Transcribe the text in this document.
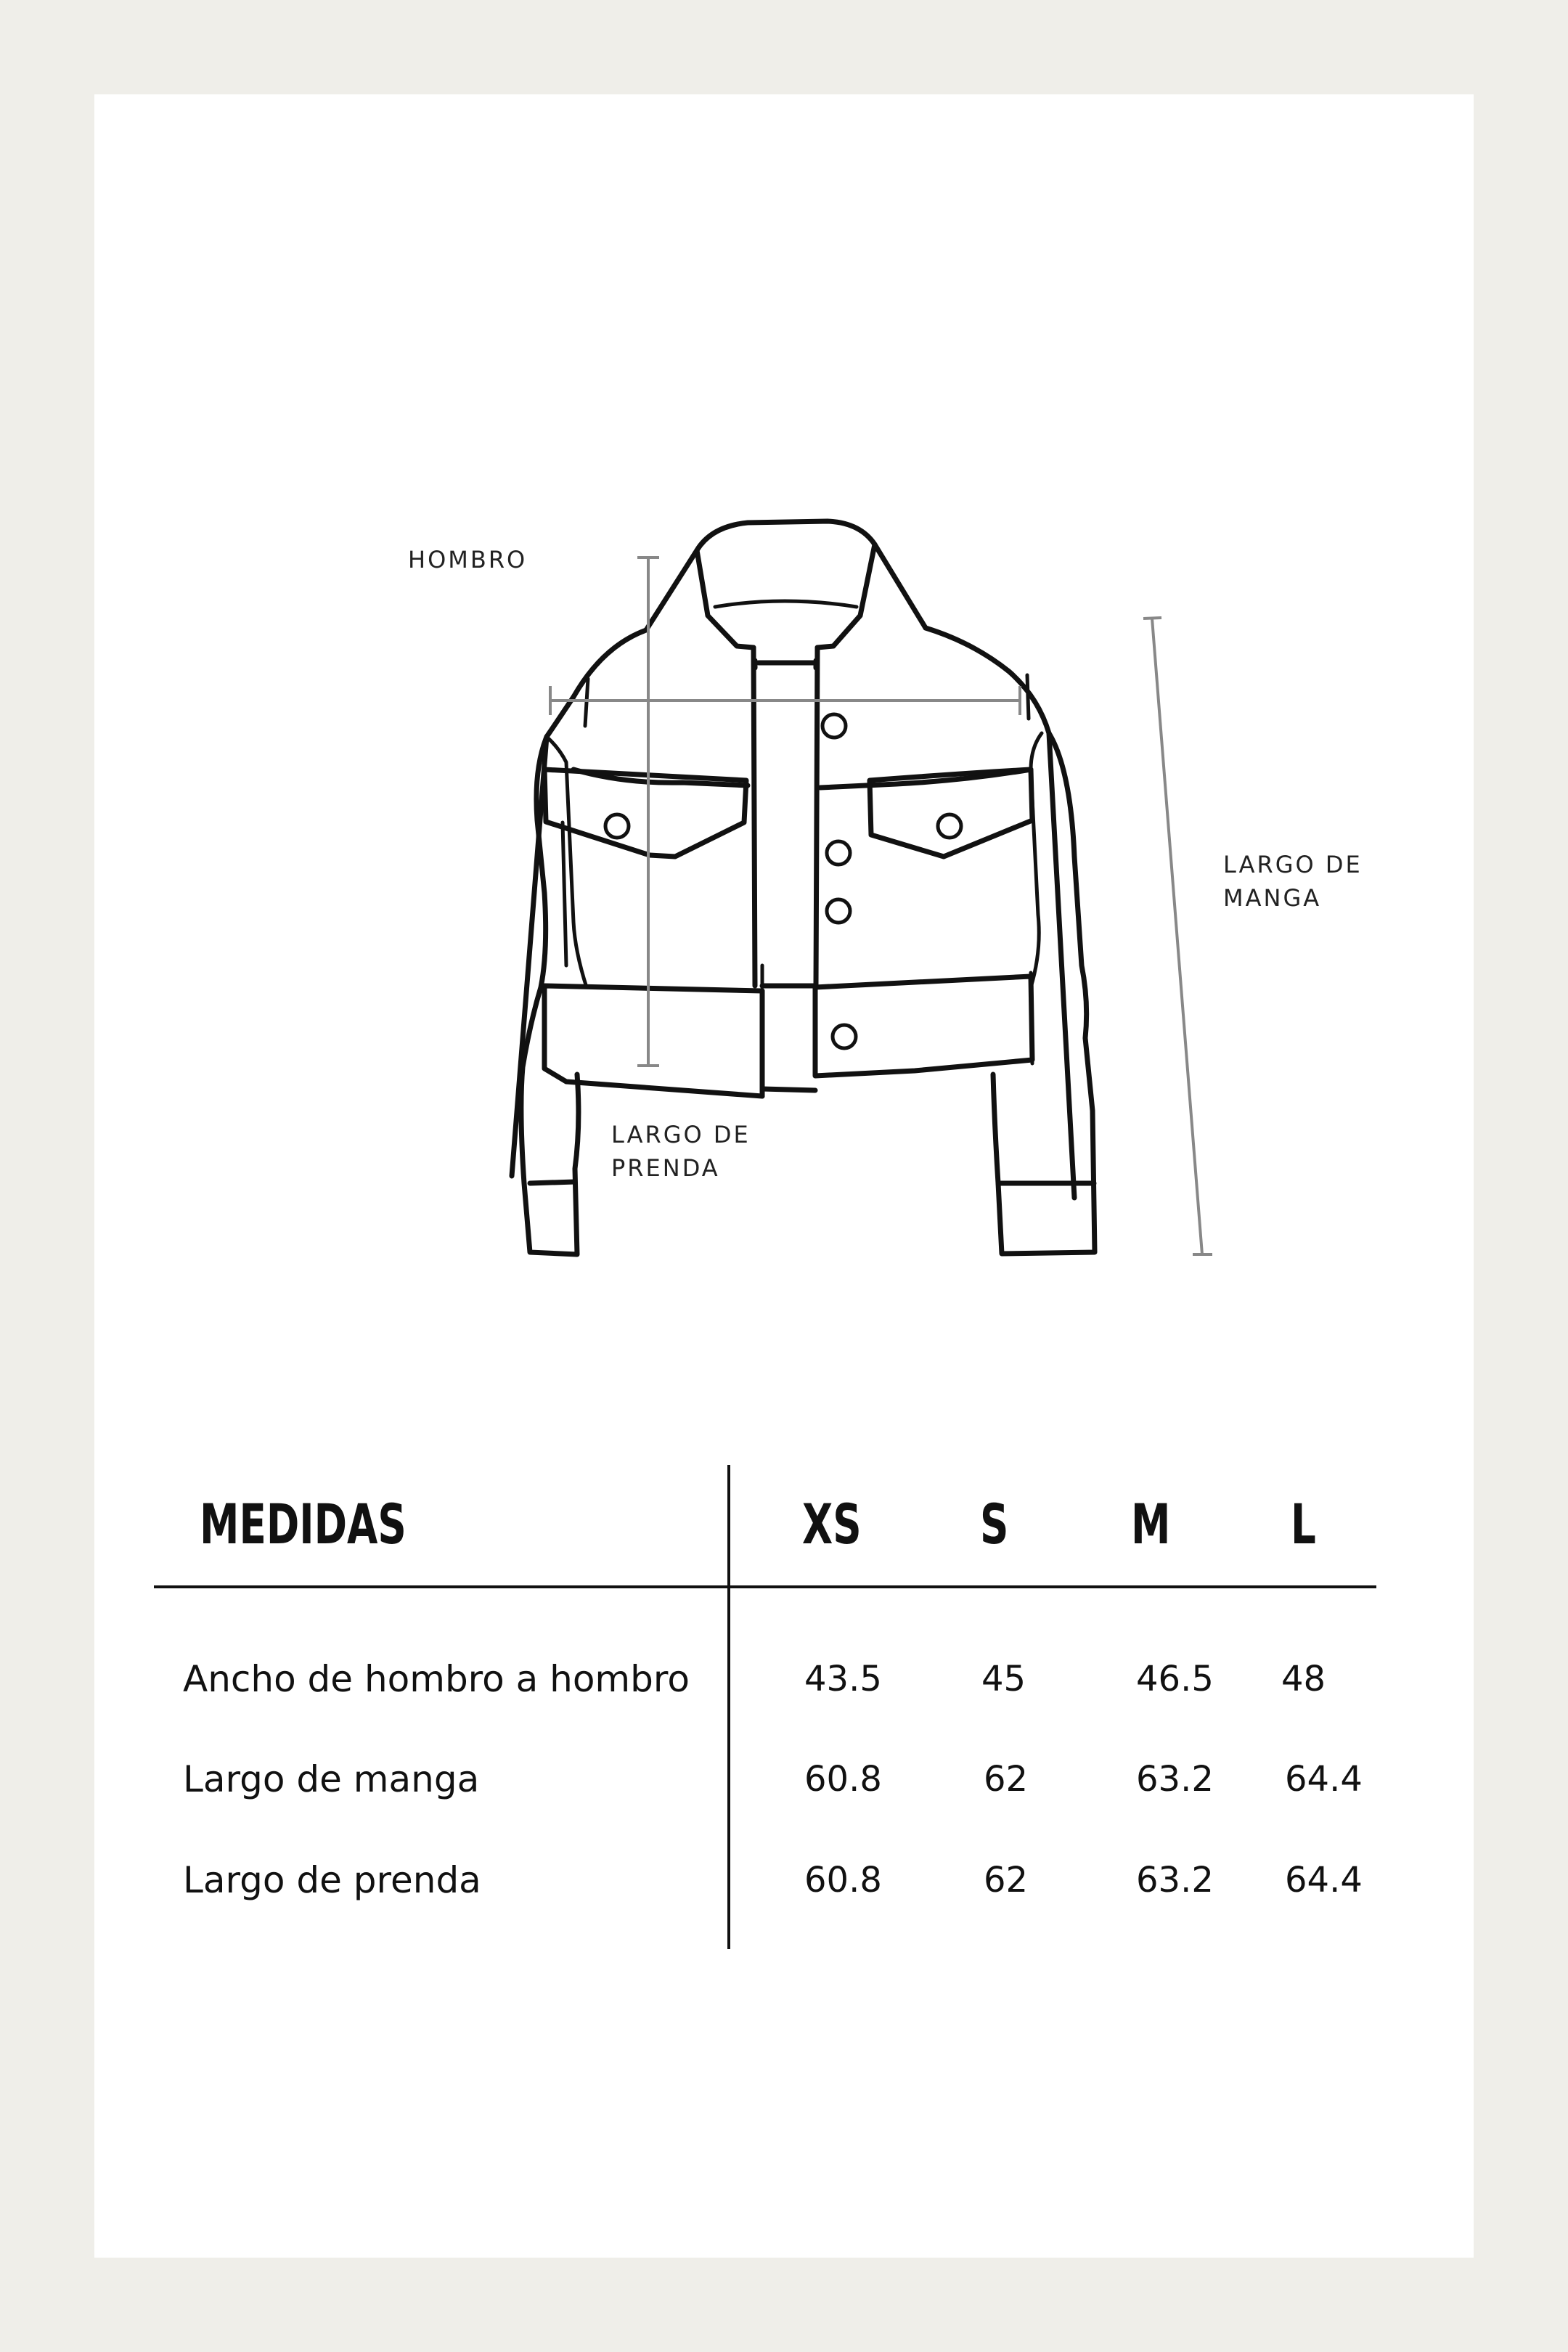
HOMBRO
LARGO DE
PRENDA
LARGO DE
MANGA
MEDIDAS	XS S M L
Ancho de hombro a hombro	43.5	45	46.5 48
Largo de manga	60.8	62	63.2 64.4
Largo de prenda	60.8	62	63.2 64.4
